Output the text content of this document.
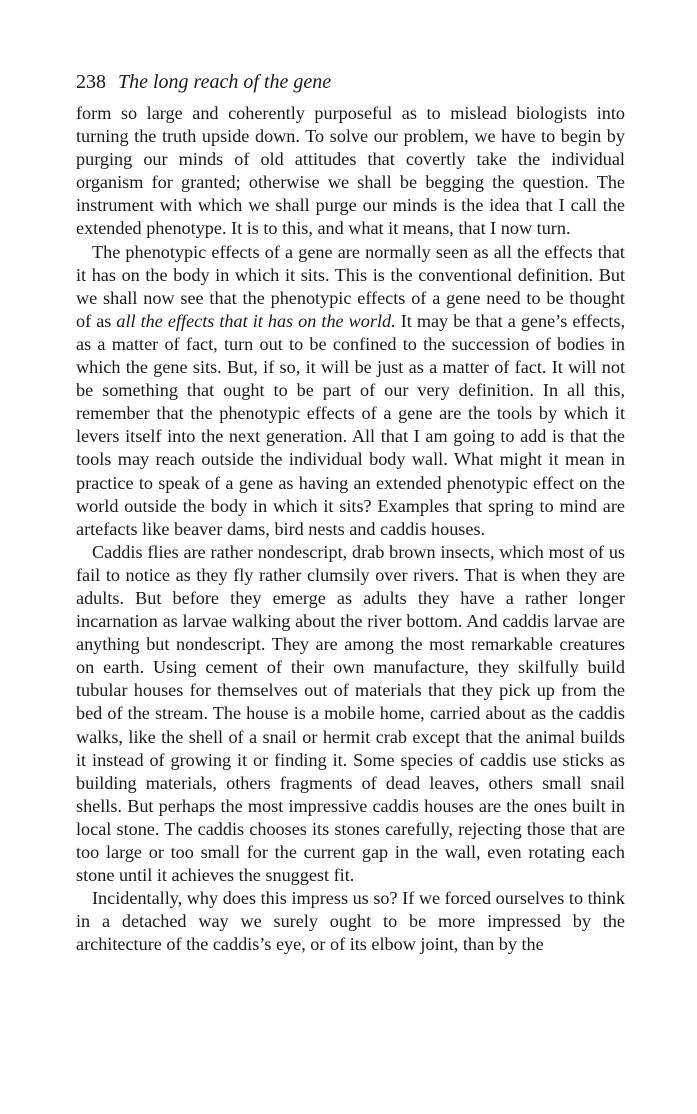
238 The long reach of the gene

form so large and coherently purposeful as to mislead biologists into turning the truth upside down. To solve our problem, we have to begin by purging our minds of old attitudes that covertly take the individual organism for granted; otherwise we shall be begging the question. The instrument with which we shall purge our minds is the idea that I call the extended phenotype. It is to this, and what it means, that I now turn.

The phenotypic effects of a gene are normally seen as all the effects that it has on the body in which it sits. This is the conventional definition. But we shall now see that the phenotypic effects of a gene need to be thought of as all the effects that it has on the world. It may be that a gene’s effects, as a matter of fact, turn out to be confined to the succession of bodies in which the gene sits. But, if so, it will be just as a matter of fact. It will not be something that ought to be part of our very definition. In all this, remember that the phenotypic effects of a gene are the tools by which it levers itself into the next generation. All that I am going to add is that the tools may reach outside the individual body wall. What might it mean in practice to speak of a gene as having an extended phenotypic effect on the world outside the body in which it sits? Examples that spring to mind are artefacts like beaver dams, bird nests and caddis houses.

Caddis flies are rather nondescript, drab brown insects, which most of us fail to notice as they fly rather clumsily over rivers. That is when they are adults. But before they emerge as adults they have a rather longer incarnation as larvae walking about the river bottom. And caddis larvae are anything but nondescript. They are among the most remarkable creatures on earth. Using cement of their own manufacture, they skilfully build tubular houses for themselves out of materials that they pick up from the bed of the stream. The house is a mobile home, carried about as the caddis walks, like the shell of a snail or hermit crab except that the animal builds it instead of growing it or finding it. Some species of caddis use sticks as building materials, others fragments of dead leaves, others small snail shells. But perhaps the most impressive caddis houses are the ones built in local stone. The caddis chooses its stones carefully, rejecting those that are too large or too small for the current gap in the wall, even rotating each stone until it achieves the snuggest fit.

Incidentally, why does this impress us so? If we forced ourselves to think in a detached way we surely ought to be more impressed by the architecture of the caddis’s eye, or of its elbow joint, than by the
